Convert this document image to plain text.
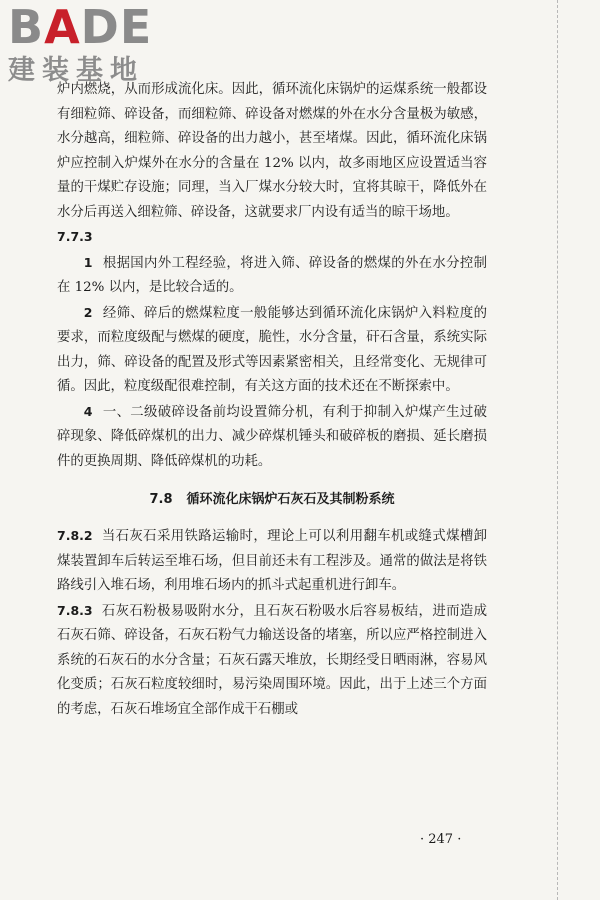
BADE
建装基地

炉内燃烧，从而形成流化床。因此，循环流化床锅炉的运煤系统一般都设有细粒筛、碎设备，而细粒筛、碎设备对燃煤的外在水分含量极为敏感，水分越高，细粒筛、碎设备的出力越小，甚至堵煤。因此，循环流化床锅炉应控制入炉煤外在水分的含量在 12% 以内，故多雨地区应设置适当容量的干煤贮存设施；同理，当入厂煤水分较大时，宜将其晾干，降低外在水分后再送入细粒筛、碎设备，这就要求厂内设有适当的晾干场地。

7.7.3

1 根据国内外工程经验，将进入筛、碎设备的燃煤的外在水分控制在 12% 以内，是比较合适的。

2 经筛、碎后的燃煤粒度一般能够达到循环流化床锅炉入料粒度的要求，而粒度级配与燃煤的硬度，脆性，水分含量，矸石含量，系统实际出力，筛、碎设备的配置及形式等因素紧密相关，且经常变化、无规律可循。因此，粒度级配很难控制，有关这方面的技术还在不断探索中。

4 一、二级破碎设备前均设置筛分机，有利于抑制入炉煤产生过破碎现象、降低碎煤机的出力、减少碎煤机锤头和破碎板的磨损、延长磨损件的更换周期、降低碎煤机的功耗。

7.8 循环流化床锅炉石灰石及其制粉系统

7.8.2 当石灰石采用铁路运输时，理论上可以利用翻车机或缝式煤槽卸煤装置卸车后转运至堆石场，但目前还未有工程涉及。通常的做法是将铁路线引入堆石场，利用堆石场内的抓斗式起重机进行卸车。

7.8.3 石灰石粉极易吸附水分，且石灰石粉吸水后容易板结，进而造成石灰石筛、碎设备，石灰石粉气力输送设备的堵塞，所以应严格控制进入系统的石灰石的水分含量；石灰石露天堆放，长期经受日晒雨淋，容易风化变质；石灰石粒度较细时，易污染周围环境。因此，出于上述三个方面的考虑，石灰石堆场宜全部作成干石棚或

· 247 ·
